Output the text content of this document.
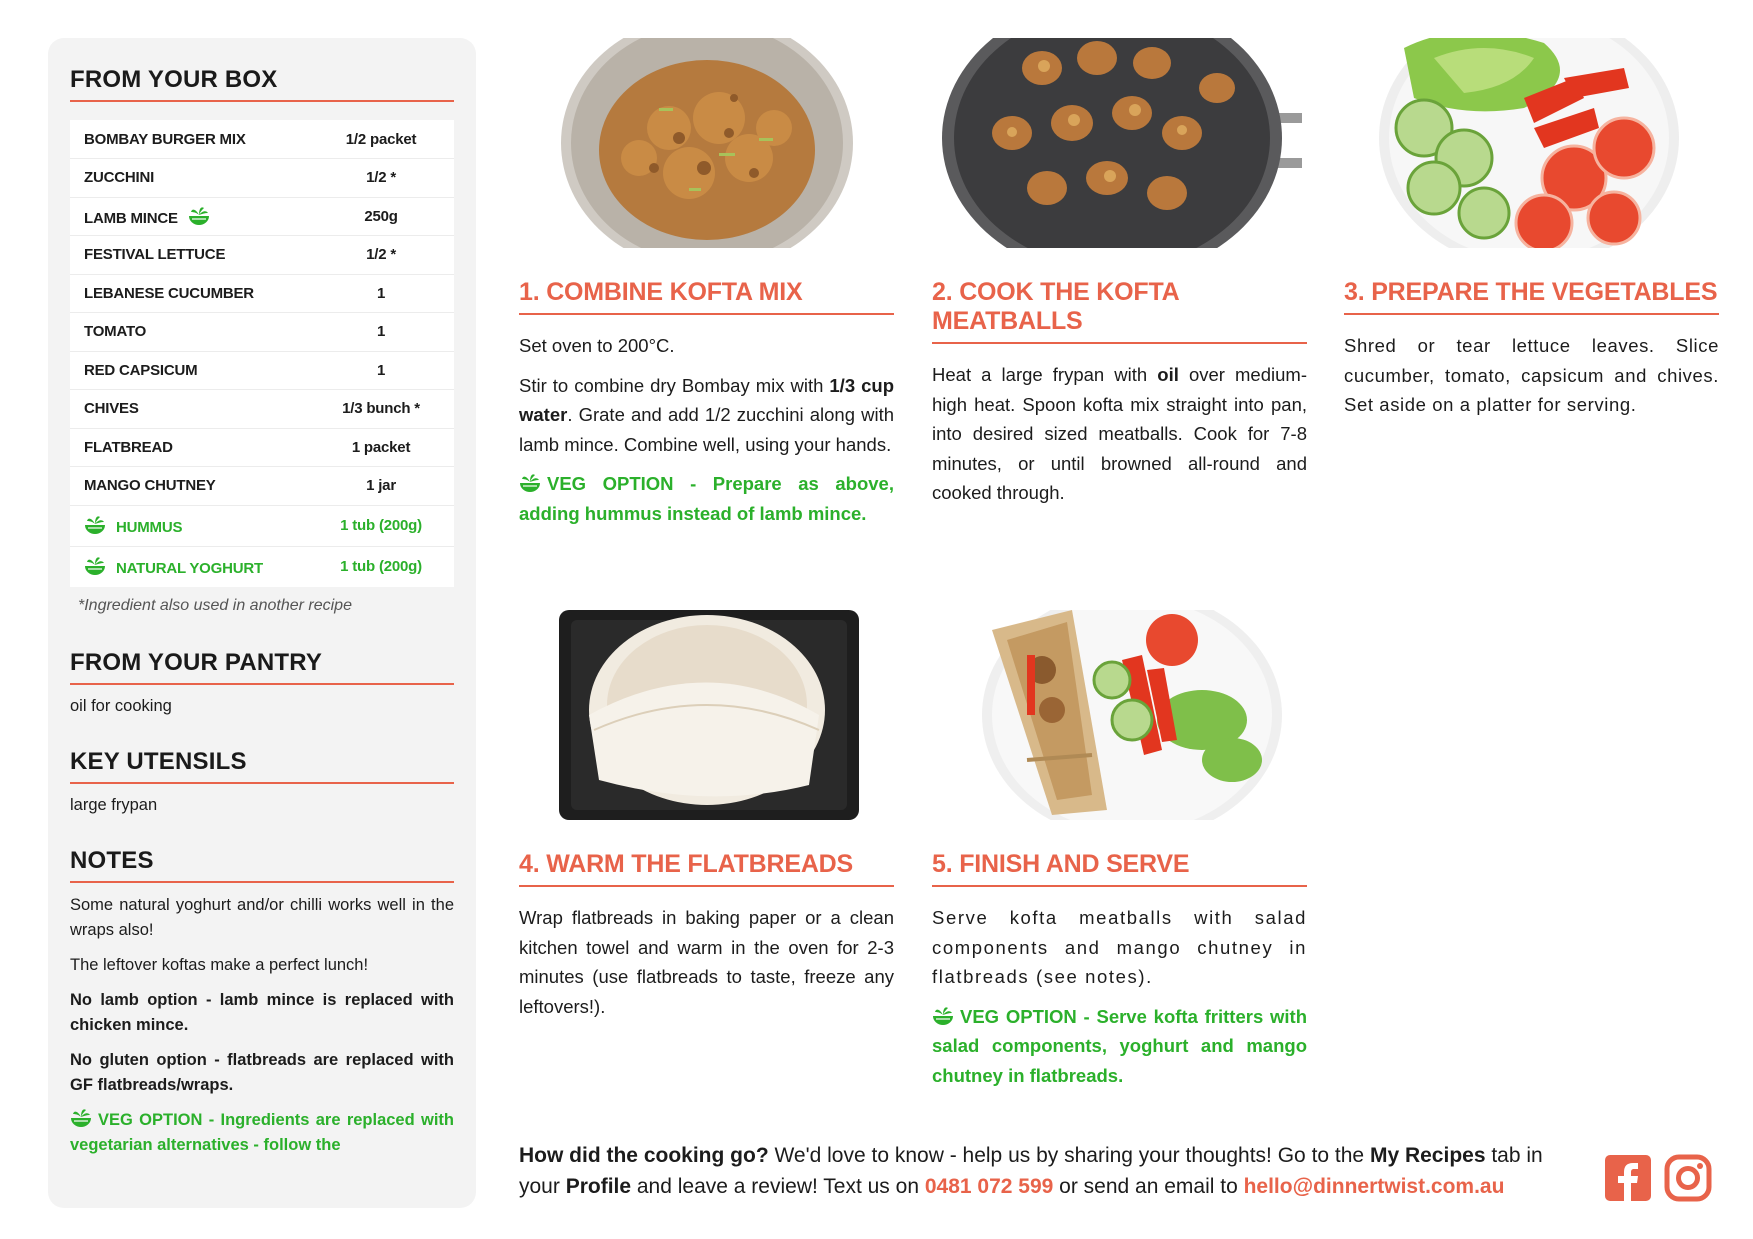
FROM YOUR BOX
BOMBAY BURGER MIX	1/2 packet
ZUCCHINI	1/2 *
LAMB MINCE	250g
FESTIVAL LETTUCE	1/2 *
LEBANESE CUCUMBER	1
TOMATO	1
RED CAPSICUM	1
CHIVES	1/3 bunch *
FLATBREAD	1 packet
MANGO CHUTNEY	1 jar
HUMMUS	1 tub (200g)
NATURAL YOGHURT	1 tub (200g)

*Ingredient also used in another recipe

FROM YOUR PANTRY

oil for cooking

KEY UTENSILS

large frypan

NOTES

Some natural yoghurt and/or chilli works well in the wraps also!

The leftover koftas make a perfect lunch!

No lamb option - lamb mince is replaced with chicken mince.

No gluten option - flatbreads are replaced with GF flatbreads/wraps.

VEG OPTION - Ingredients are replaced with vegetarian alternatives - follow the

1. COMBINE KOFTA MIX

Set oven to 200°C.

Stir to combine dry Bombay mix with 1/3 cup water. Grate and add 1/2 zucchini along with lamb mince. Combine well, using your hands.

VEG OPTION - Prepare as above, adding hummus instead of lamb mince.

2. COOK THE KOFTA MEATBALLS

Heat a large frypan with oil over medium-high heat. Spoon kofta mix straight into pan, into desired sized meatballs. Cook for 7-8 minutes, or until browned all-round and cooked through.

3. PREPARE THE VEGETABLES

Shred or tear lettuce leaves. Slice cucumber, tomato, capsicum and chives. Set aside on a platter for serving.

4. WARM THE FLATBREADS

Wrap flatbreads in baking paper or a clean kitchen towel and warm in the oven for 2-3 minutes (use flatbreads to taste, freeze any leftovers!).

5. FINISH AND SERVE

Serve kofta meatballs with salad components and mango chutney in flatbreads (see notes).

VEG OPTION - Serve kofta fritters with salad components, yoghurt and mango chutney in flatbreads.

How did the cooking go? We'd love to know - help us by sharing your thoughts! Go to the My Recipes tab in your Profile and leave a review! Text us on 0481 072 599 or send an email to hello@dinnertwist.com.au
